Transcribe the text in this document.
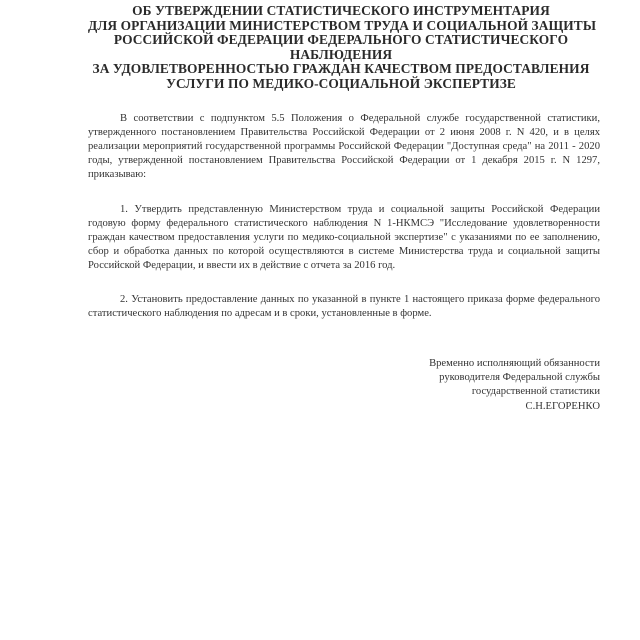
ОБ УТВЕРЖДЕНИИ СТАТИСТИЧЕСКОГО ИНСТРУМЕНТАРИЯ
ДЛЯ ОРГАНИЗАЦИИ МИНИСТЕРСТВОМ ТРУДА И СОЦИАЛЬНОЙ ЗАЩИТЫ
РОССИЙСКОЙ ФЕДЕРАЦИИ ФЕДЕРАЛЬНОГО СТАТИСТИЧЕСКОГО
НАБЛЮДЕНИЯ
ЗА УДОВЛЕТВОРЕННОСТЬЮ ГРАЖДАН КАЧЕСТВОМ ПРЕДОСТАВЛЕНИЯ
УСЛУГИ ПО МЕДИКО-СОЦИАЛЬНОЙ ЭКСПЕРТИЗЕ

В соответствии с подпунктом 5.5 Положения о Федеральной службе государственной статистики, утвержденного постановлением Правительства Российской Федерации от 2 июня 2008 г. N 420, и в целях реализации мероприятий государственной программы Российской Федерации "Доступная среда" на 2011 - 2020 годы, утвержденной постановлением Правительства Российской Федерации от 1 декабря 2015 г. N 1297, приказываю:

1. Утвердить представленную Министерством труда и социальной защиты Российской Федерации годовую форму федерального статистического наблюдения N 1-НКМСЭ "Исследование удовлетворенности граждан качеством предоставления услуги по медико-социальной экспертизе" с указаниями по ее заполнению, сбор и обработка данных по которой осуществляются в системе Министерства труда и социальной защиты Российской Федерации, и ввести их в действие с отчета за 2016 год.

2. Установить предоставление данных по указанной в пункте 1 настоящего приказа форме федерального статистического наблюдения по адресам и в сроки, установленные в форме.

Временно исполняющий обязанности
руководителя Федеральной службы
государственной статистики
С.Н.ЕГОРЕНКО
